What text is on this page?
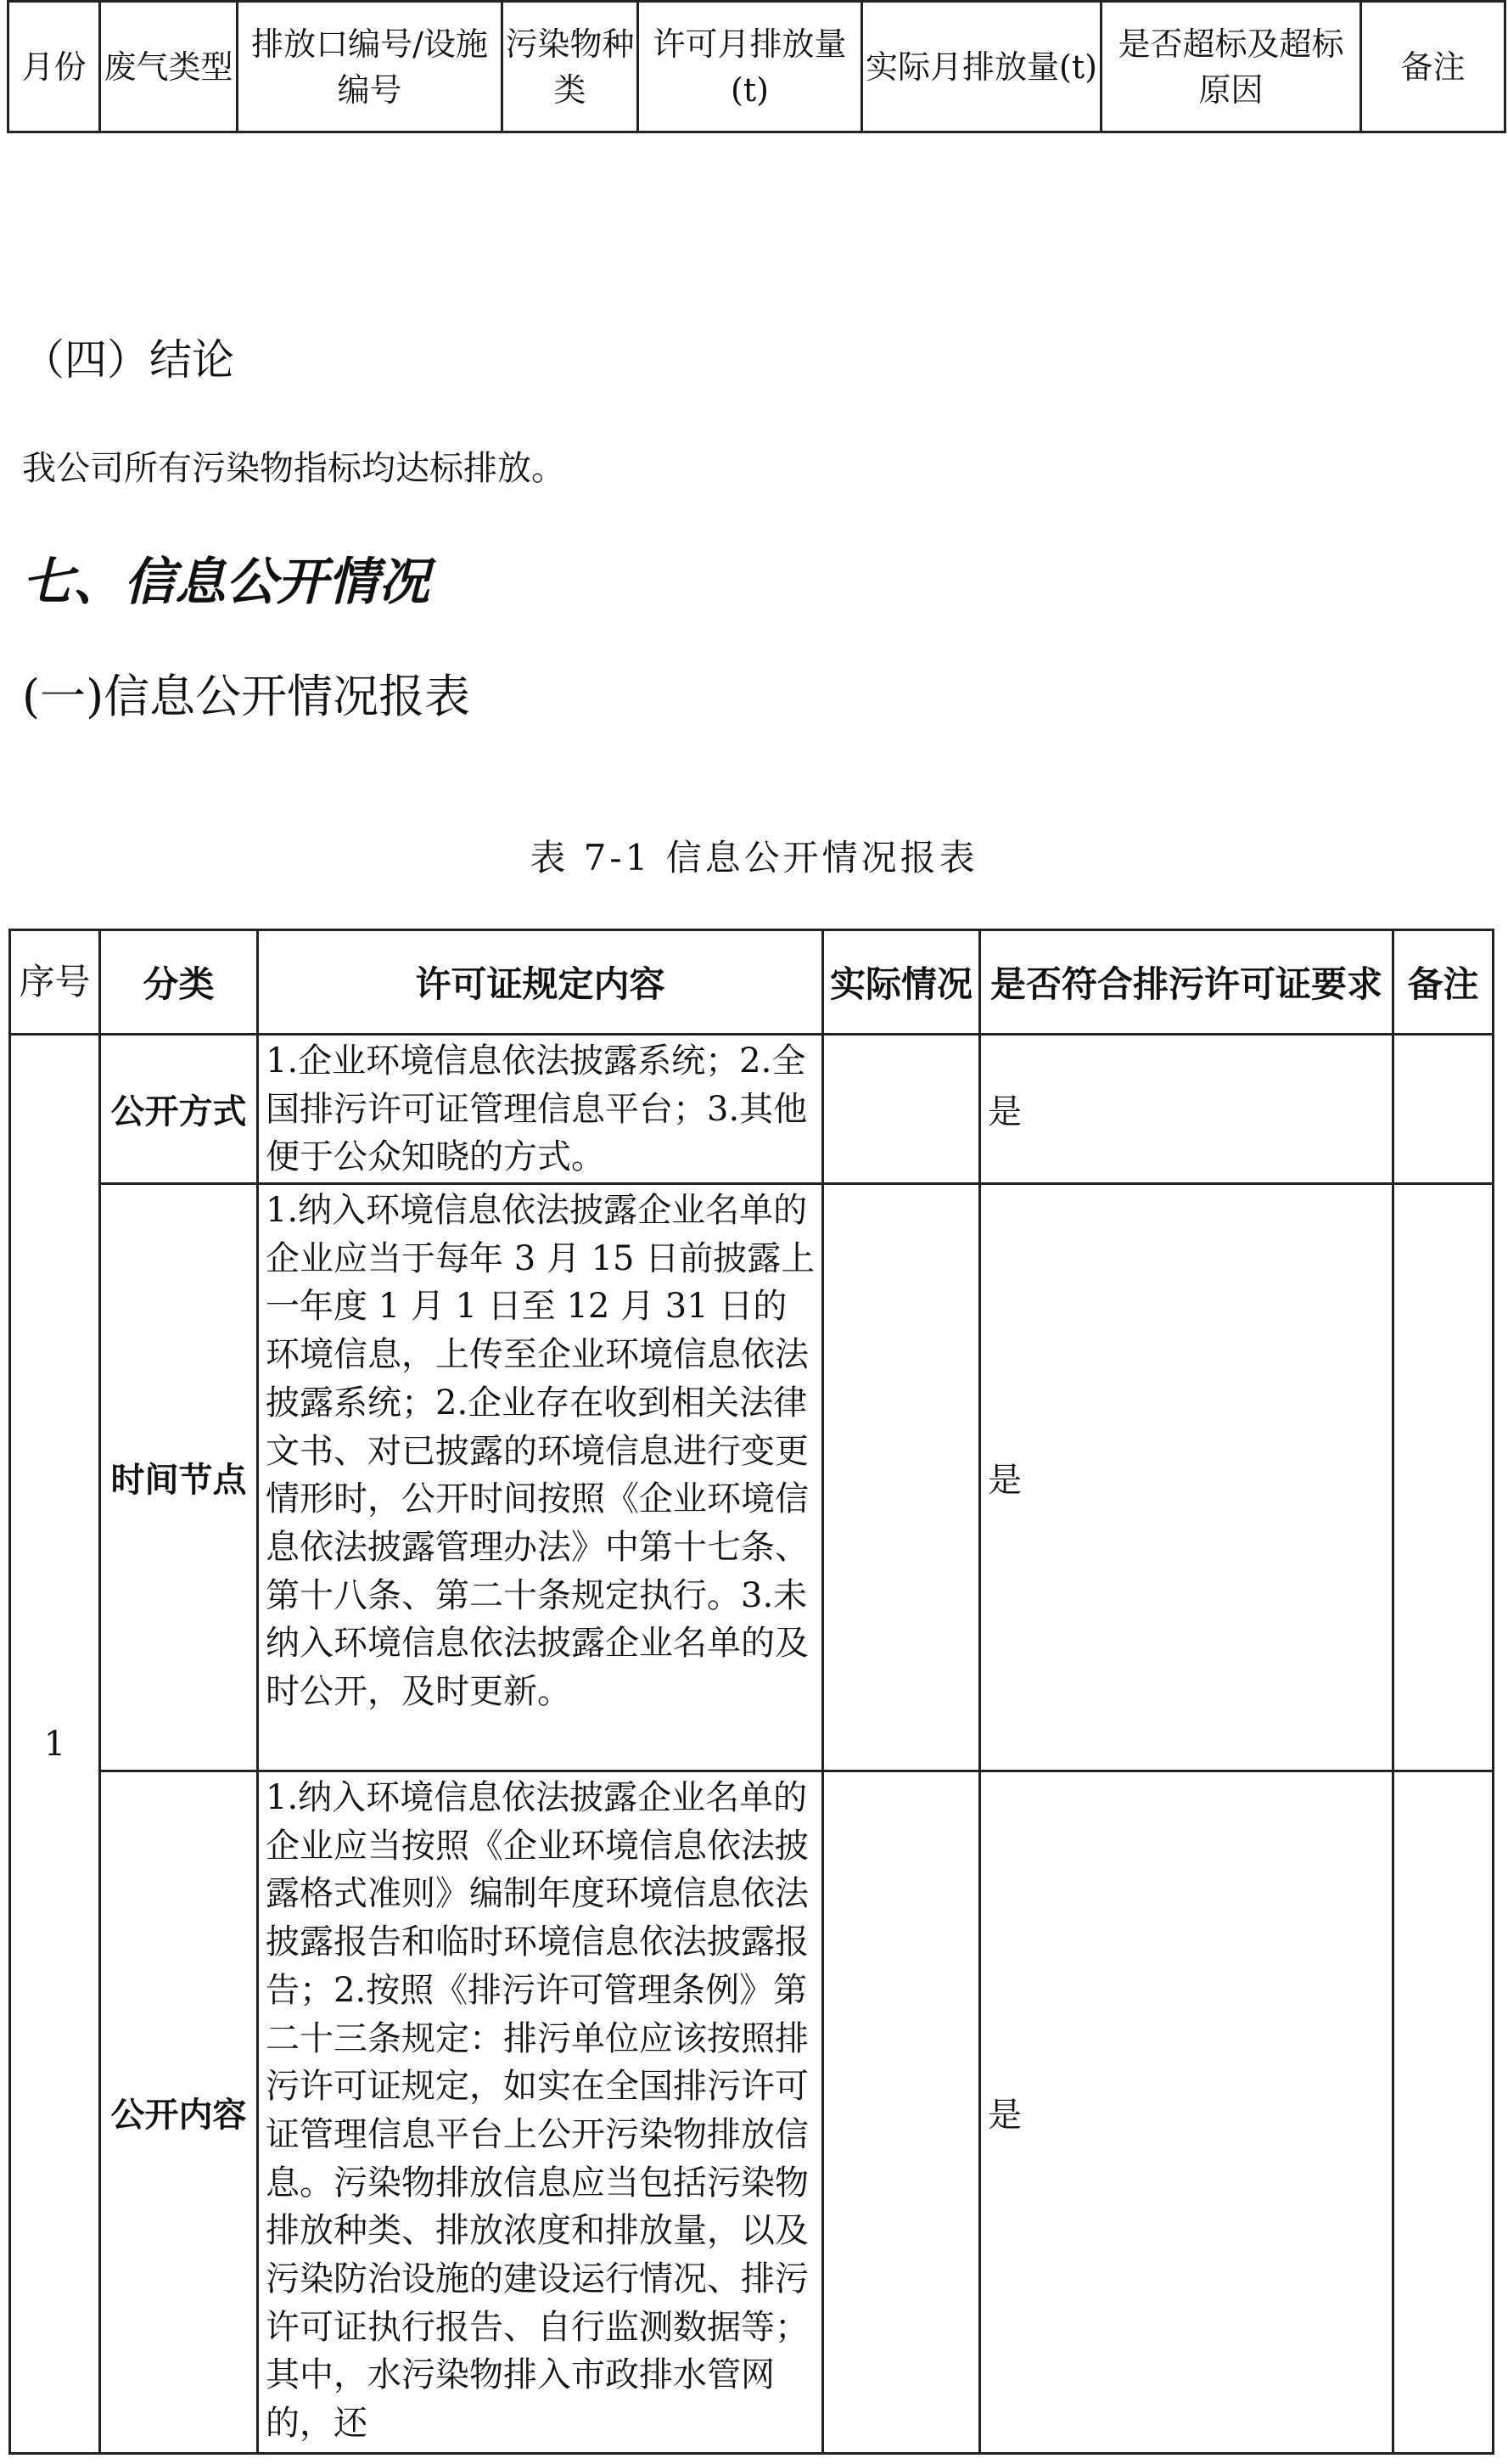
月份	废气类型	排放口编号/设施编号	污染物种类	许可月排放量(t)	实际月排放量(t)	是否超标及超标原因	备注
（四）结论
我公司所有污染物指标均达标排放。
七、信息公开情况
(一)信息公开情况报表
表 7-1 信息公开情况报表
序号	分类	许可证规定内容	实际情况	是否符合排污许可证要求	备注
1	公开方式	1.企业环境信息依法披露系统；2.全国排污许可证管理信息平台；3.其他便于公众知晓的方式。		是	
	时间节点	1.纳入环境信息依法披露企业名单的企业应当于每年 3 月 15 日前披露上一年度 1 月 1 日至 12 月 31 日的环境信息，上传至企业环境信息依法披露系统；2.企业存在收到相关法律文书、对已披露的环境信息进行变更情形时，公开时间按照《企业环境信息依法披露管理办法》中第十七条、第十八条、第二十条规定执行。3.未纳入环境信息依法披露企业名单的及时公开，及时更新。		是	
	公开内容	1.纳入环境信息依法披露企业名单的企业应当按照《企业环境信息依法披露格式准则》编制年度环境信息依法披露报告和临时环境信息依法披露报告；2.按照《排污许可管理条例》第二十三条规定：排污单位应该按照排污许可证规定，如实在全国排污许可证管理信息平台上公开污染物排放信息。污染物排放信息应当包括污染物排放种类、排放浓度和排放量，以及污染防治设施的建设运行情况、排污许可证执行报告、自行监测数据等；其中，水污染物排入市政排水管网的，还		是	
